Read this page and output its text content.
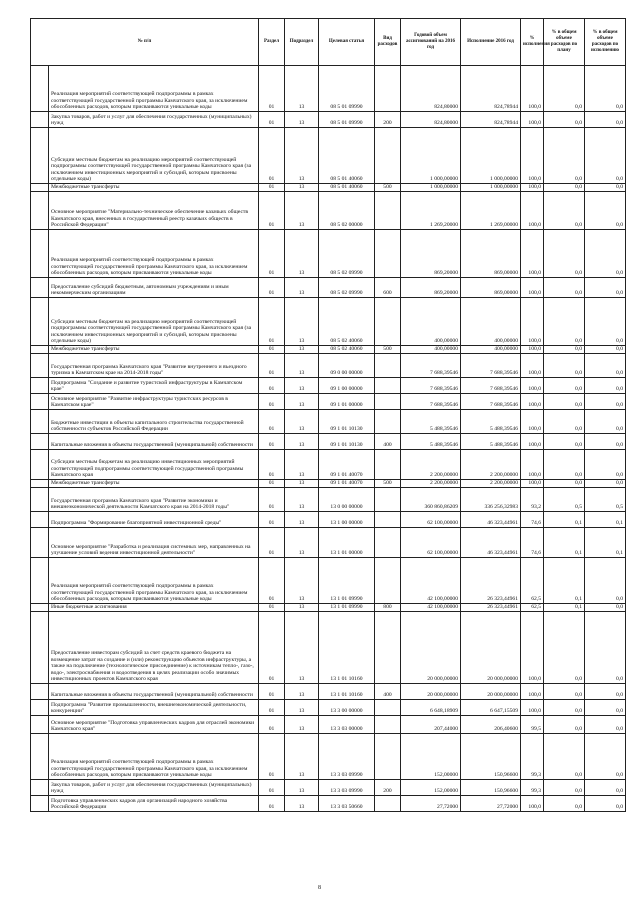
№ п/п		Раздел	Подраздел	Целевая статья	Вид расходов	Годовой объем ассигнований на 2016 год	Исполнение 2016 год	% исполнения	% в общем объеме расходов по плану	% в общем объеме расходов по исполнению
	Реализация мероприятий соответствующей подпрограммы в рамках соответствующей государственной программы Камчатского края, за исключением обособленных расходов, которым присваиваются уникальные коды	01	13	08 5 01 09990		824,80000	824,78944	100,0	0,0	0,0
	Закупка товаров, работ и услуг для обеспечения государственных (муниципальных) нужд	01	13	08 5 01 09990	200	824,80000	824,78944	100,0	0,0	0,0
	Субсидии местным бюджетам на реализацию мероприятий соответствующей подпрограммы соответствующей государственной программы Камчатского края (за исключением инвестиционных мероприятий и субсидий, которым присвоены отдельные коды)	01	13	08 5 01 40060		1 000,00000	1 000,00000	100,0	0,0	0,0
	Межбюджетные трансферты	01	13	08 5 01 40060	500	1 000,00000	1 000,00000	100,0	0,0	0,0
	Основное мероприятие "Материально-техническое обеспечение казачьих обществ Камчатского края, внесенных в государственный реестр казачьих обществ в Российской Федерации"	01	13	08 5 02 00000		1 269,20000	1 269,00000	100,0	0,0	0,0
	Реализация мероприятий соответствующей подпрограммы в рамках соответствующей государственной программы Камчатского края, за исключением обособленных расходов, которым присваиваются уникальные коды	01	13	08 5 02 09990		869,20000	869,00000	100,0	0,0	0,0
	Предоставление субсидий бюджетным, автономным учреждениям и иным некоммерческим организациям	01	13	08 5 02 09990	600	869,20000	869,00000	100,0	0,0	0,0
	Субсидии местным бюджетам на реализацию мероприятий соответствующей подпрограммы соответствующей государственной программы Камчатского края (за исключением инвестиционных мероприятий и субсидий, которым присвоены отдельные коды)	01	13	08 5 02 40060		400,00000	400,00000	100,0	0,0	0,0
	Межбюджетные трансферты	01	13	08 5 02 40060	500	400,00000	400,00000	100,0	0,0	0,0
	Государственная программа Камчатского края "Развитие внутреннего и въездного туризма в Камчатском крае на 2014-2018 годы"	01	13	09 0 00 00000		7 688,39546	7 688,39546	100,0	0,0	0,0
	Подпрограмма "Создание и развитие туристской инфраструктуры в Камчатском крае"	01	13	09 1 00 00000		7 688,39546	7 688,39546	100,0	0,0	0,0
	Основное мероприятие "Развитие инфраструктуры туристских ресурсов в Камчатском крае"	01	13	09 1 01 00000		7 688,39546	7 688,39546	100,0	0,0	0,0
	Бюджетные инвестиции в объекты капитального строительства государственной собственности субъектов Российской Федерации	01	13	09 1 01 10130		5 488,39546	5 488,39546	100,0	0,0	0,0
	Капитальные вложения в объекты государственной (муниципальной) собственности	01	13	09 1 01 10130	400	5 488,39546	5 488,39546	100,0	0,0	0,0
	Субсидии местным бюджетам на реализацию инвестиционных мероприятий соответствующей подпрограммы соответствующей государственной программы Камчатского края	01	13	09 1 01 40070		2 200,00000	2 200,00000	100,0	0,0	0,0
	Межбюджетные трансферты	01	13	09 1 01 40070	500	2 200,00000	2 200,00000	100,0	0,0	0,0
	Государственная программа Камчатского края "Развитие экономики и внешнеэкономической деятельности Камчатского края на 2014-2018 годы"	01	13	13 0 00 00000		360 860,86209	336 256,32983	93,2	0,5	0,5
	Подпрограмма "Формирование благоприятной инвестиционной среды"	01	13	13 1 00 00000		62 100,00000	46 323,44961	74,6	0,1	0,1
	Основное мероприятие "Разработка и реализация системных мер, направленных на улучшение условий ведения инвестиционной деятельности"	01	13	13 1 01 00000		62 100,00000	46 323,44961	74,6	0,1	0,1
	Реализация мероприятий соответствующей подпрограммы в рамках соответствующей государственной программы Камчатского края, за исключением обособленных расходов, которым присваиваются уникальные коды	01	13	13 1 01 09990		42 100,00000	26 323,44961	62,5	0,1	0,0
	Иные бюджетные ассигнования	01	13	13 1 01 09990	800	42 100,00000	26 323,44961	62,5	0,1	0,0
	Предоставление инвесторам субсидий за счет средств краевого бюджета на возмещение затрат на создание и (или) реконструкцию объектов инфраструктуры, а также на подключение (технологическое присоединение) к источникам тепло-, газо-, водо-, электроснабжения и водоотведения в целях реализации особо значимых инвестиционных проектов Камчатского края	01	13	13 1 01 10160		20 000,00000	20 000,00000	100,0	0,0	0,0
	Капитальные вложения в объекты государственной (муниципальной) собственности	01	13	13 1 01 10160	400	20 000,00000	20 000,00000	100,0	0,0	0,0
	Подпрограмма "Развитие промышленности, внешнеэкономической деятельности, конкуренции"	01	13	13 3 00 00000		6 648,18909	6 647,15509	100,0	0,0	0,0
	Основное мероприятие "Подготовка управленческих кадров для отраслей экономики Камчатского края"	01	13	13 3 03 00000		207,44000	206,40600	99,5	0,0	0,0
	Реализация мероприятий соответствующей подпрограммы в рамках соответствующей государственной программы Камчатского края, за исключением обособленных расходов, которым присваиваются уникальные коды	01	13	13 3 03 09990		152,00000	150,96600	99,3	0,0	0,0
	Закупка товаров, работ и услуг для обеспечения государственных (муниципальных) нужд	01	13	13 3 03 09990	200	152,00000	150,96600	99,3	0,0	0,0
	Подготовка управленческих кадров для организаций народного хозяйства Российской Федерации	01	13	13 3 03 50660		27,72000	27,72000	100,0	0,0	0,0
8
